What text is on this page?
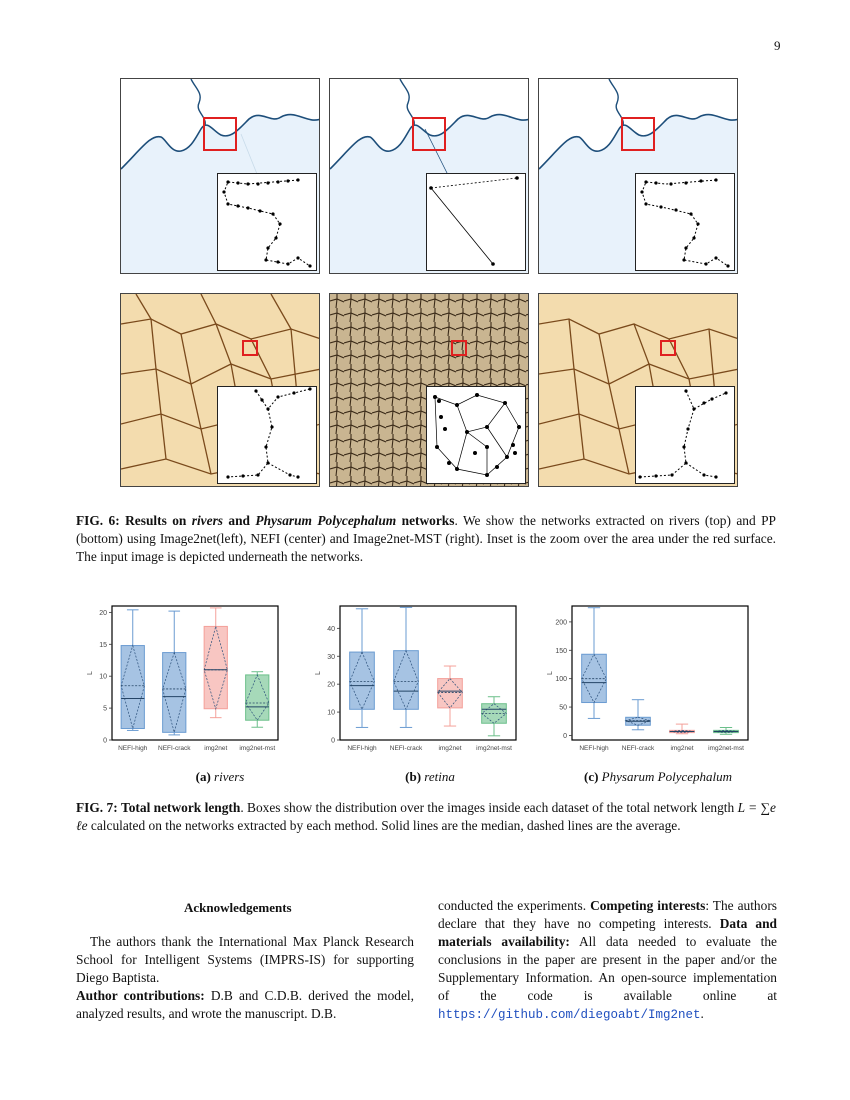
9
FIG. 6: Results on rivers and Physarum Polycephalum networks. We show the networks extracted on rivers (top) and PP (bottom) using Image2net(left), NEFI (center) and Image2net-MST (right). Inset is the zoom over the area under the red surface. The input image is depicted underneath the networks.
0
5
10
15
20
L
NEFI-high NEFI-crack img2net img2net-mst
0
10
20
30
40
L
NEFI-high NEFI-crack img2net img2net-mst
0
50
100
150
200
L
NEFI-high NEFI-crack img2net img2net-mst
(a) rivers	(b) retina	(c) Physarum Polycephalum
FIG. 7: Total network length. Boxes show the distribution over the images inside each dataset of the total network length L = ∑e ℓe calculated on the networks extracted by each method. Solid lines are the median, dashed lines are the average.
Acknowledgements
The authors thank the International Max Planck Research School for Intelligent Systems (IMPRS-IS) for supporting Diego Baptista.
Author contributions: D.B and C.D.B. derived the model, analyzed results, and wrote the manuscript. D.B.
conducted the experiments. Competing interests: The authors declare that they have no competing interests. Data and materials availability: All data needed to evaluate the conclusions in the paper are present in the paper and/or the Supplementary Information. An open-source implementation of the code is available online at https://github.com/diegoabt/Img2net.
